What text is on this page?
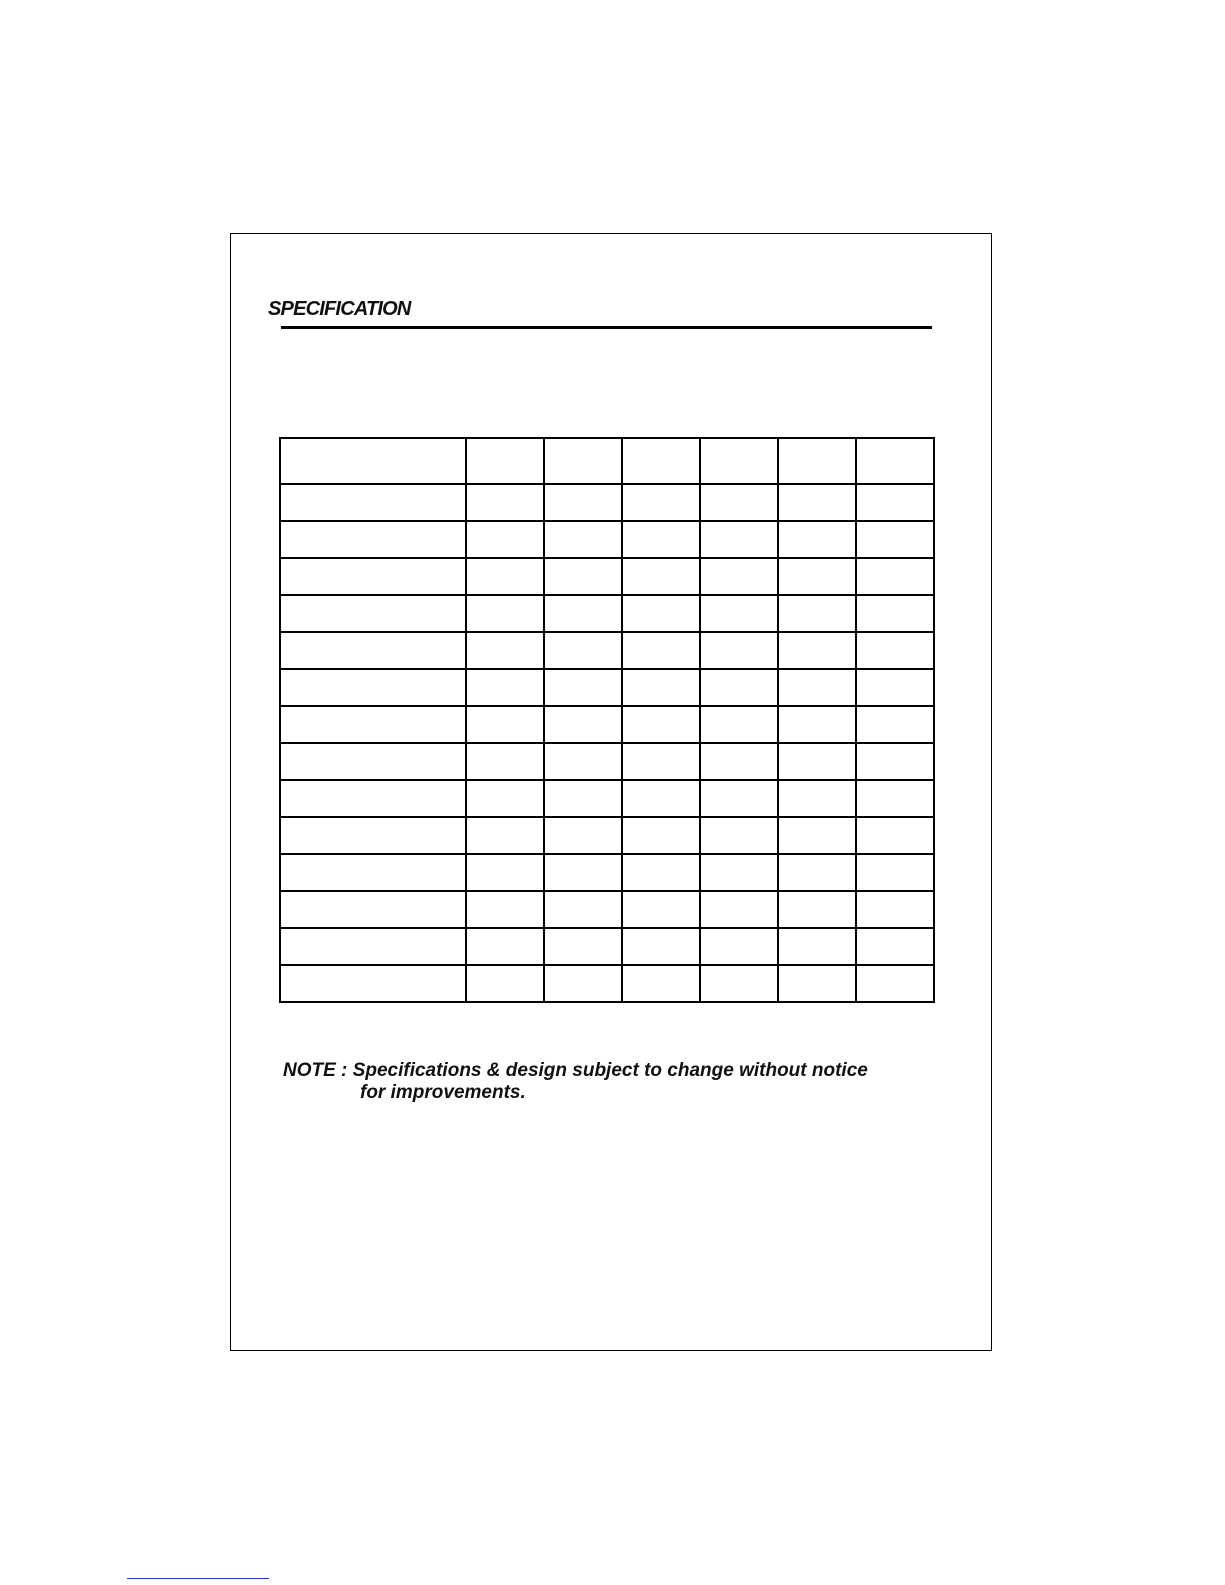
SPECIFICATION

NOTE : Specifications & design subject to change without notice
for improvements.
